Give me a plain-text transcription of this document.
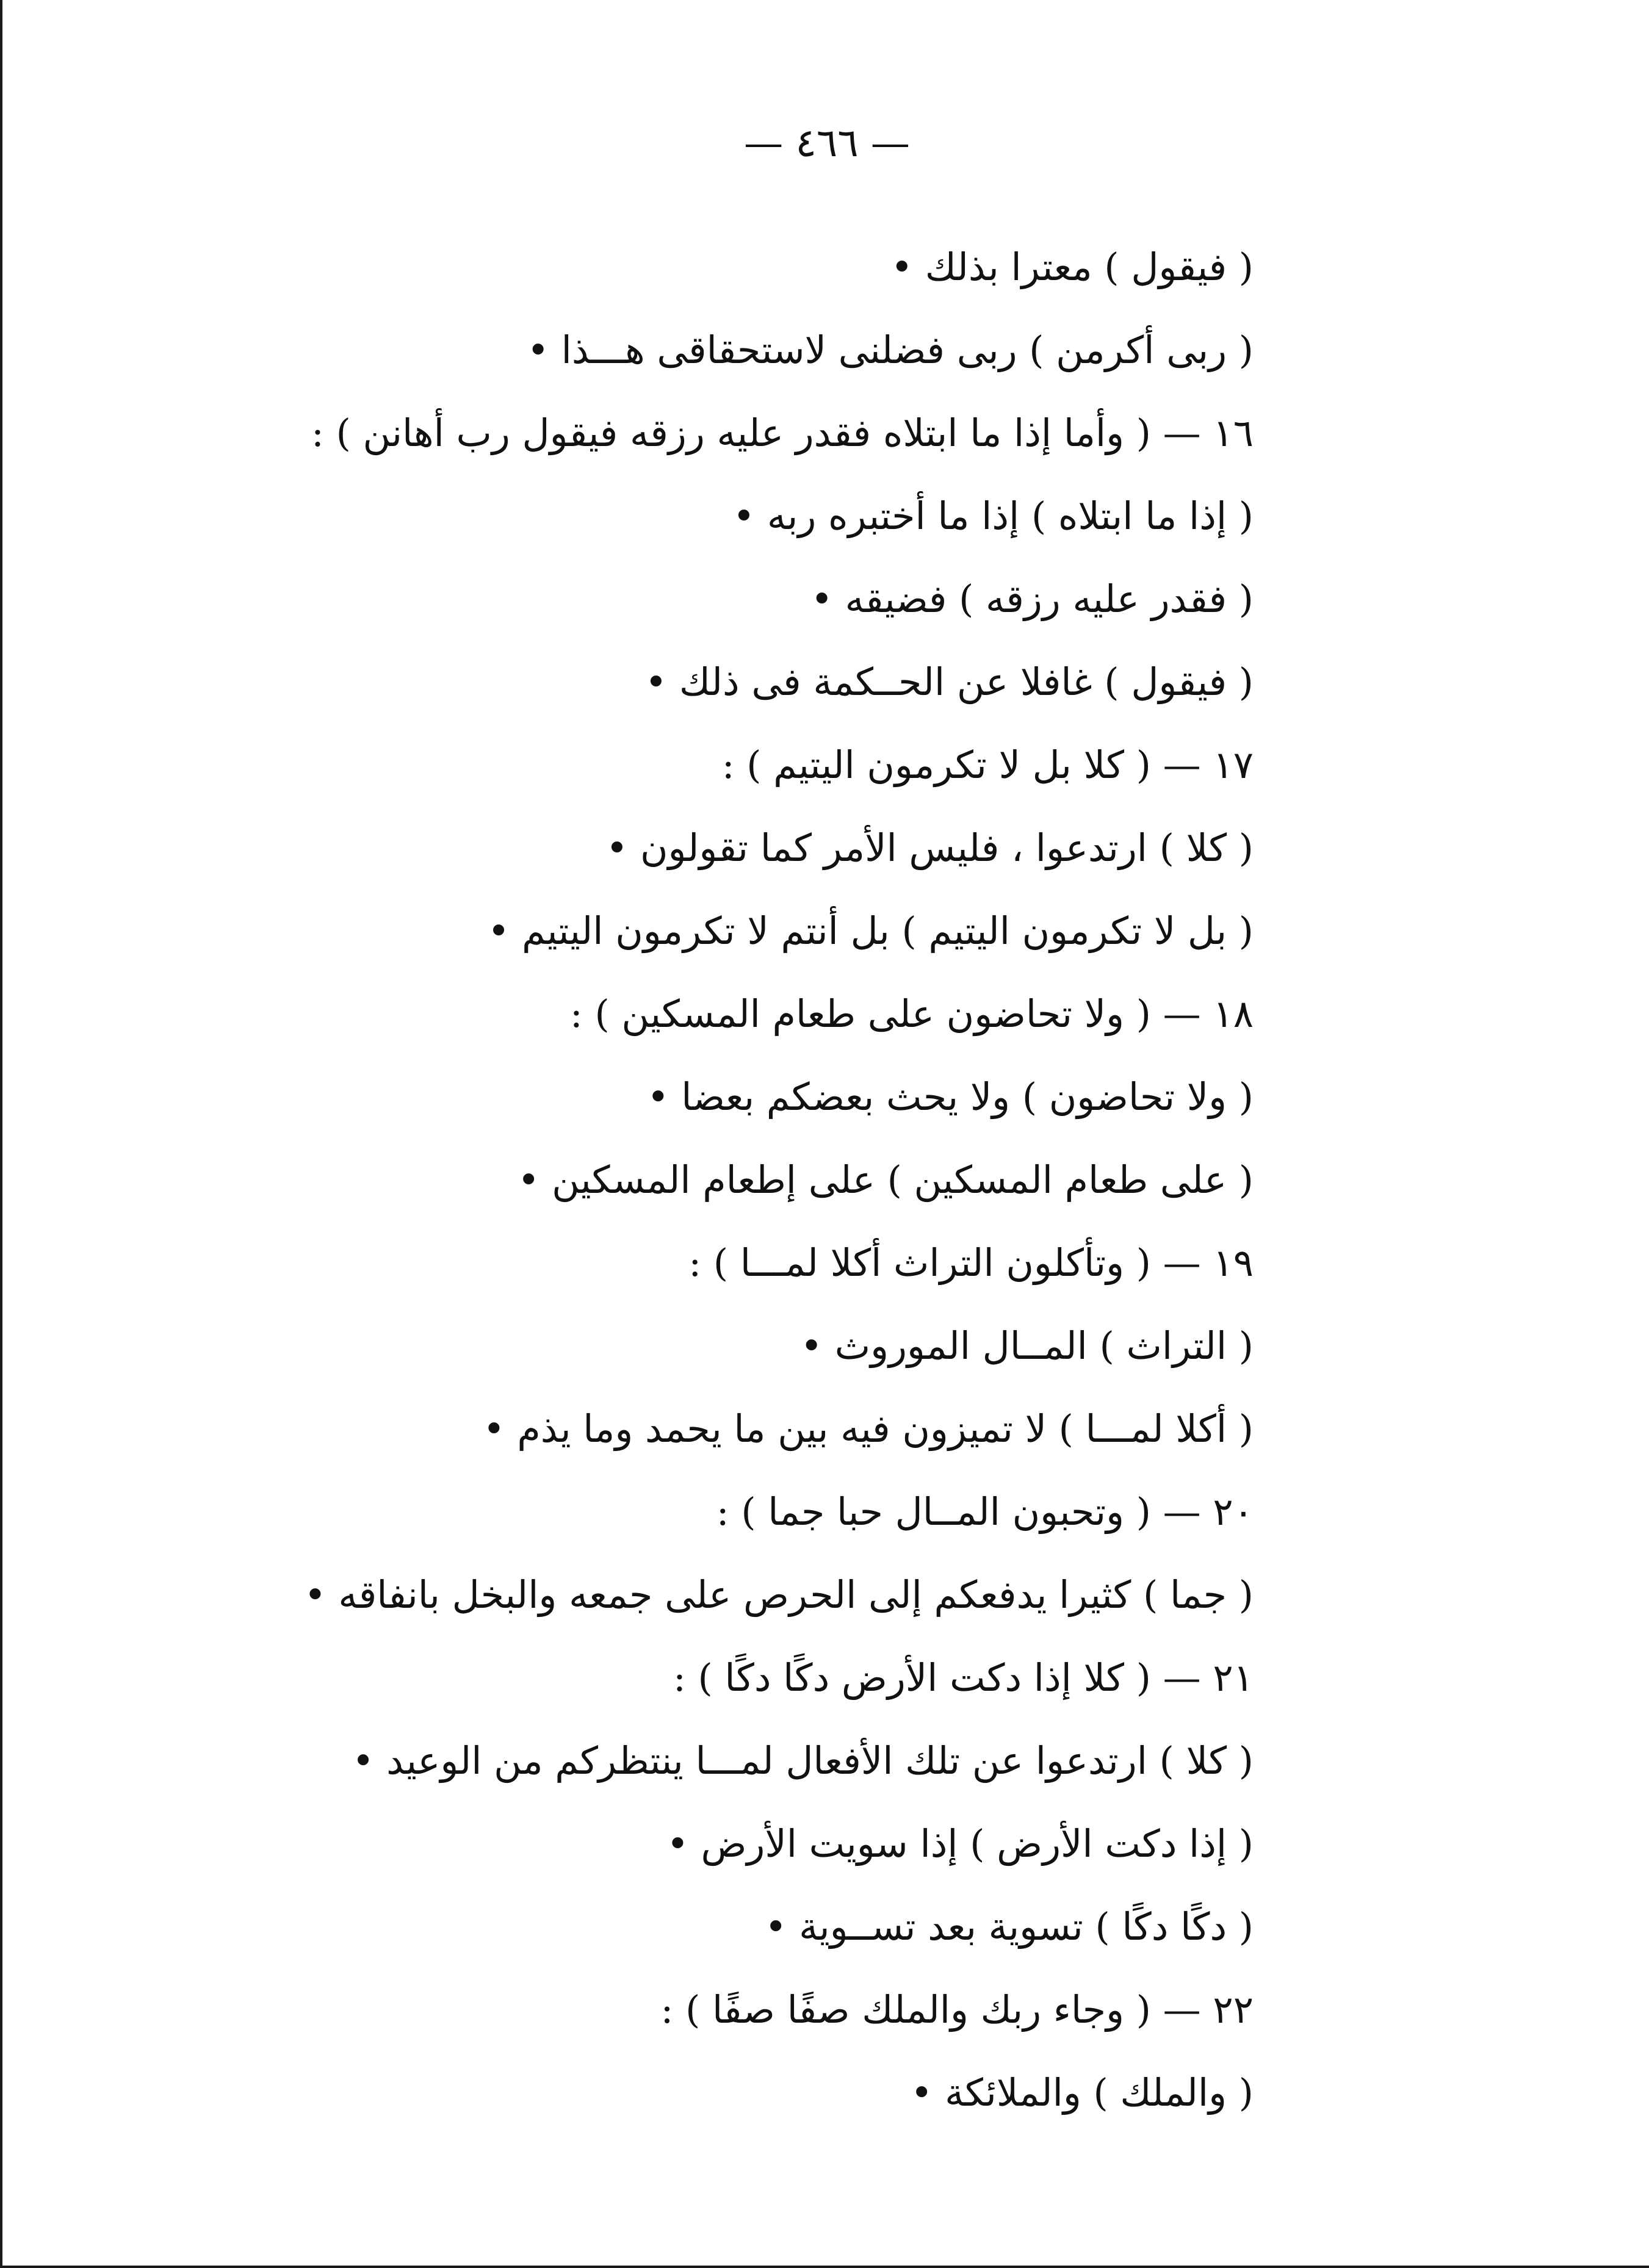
— ٤٦٦ —
( فيقول ) معترا بذلك •
( ربى أكرمن ) ربى فضلنى لاستحقاقى هـــذا •
١٦ — ( وأما إذا ما ابتلاه فقدر عليه رزقه فيقول رب أهانن ) :
( إذا ما ابتلاه ) إذا ما أختبره ربه •
( فقدر عليه رزقه ) فضيقه •
( فيقول ) غافلا عن الحــكمة فى ذلك •
١٧ — ( كلا بل لا تكرمون اليتيم ) :
( كلا ) ارتدعوا ، فليس الأمر كما تقولون •
( بل لا تكرمون اليتيم ) بل أنتم لا تكرمون اليتيم •
١٨ — ( ولا تحاضون على طعام المسكين ) :
( ولا تحاضون ) ولا يحث بعضكم بعضا •
( على طعام المسكين ) على إطعام المسكين •
١٩ — ( وتأكلون التراث أكلا لمـــا ) :
( التراث ) المــال الموروث •
( أكلا لمـــا ) لا تميزون فيه بين ما يحمد وما يذم •
٢٠ — ( وتحبون المــال حبا جما ) :
( جما ) كثيرا يدفعكم إلى الحرص على جمعه والبخل بانفاقه •
٢١ — ( كلا إذا دكت الأرض دكًا دكًا ) :
( كلا ) ارتدعوا عن تلك الأفعال لمـــا ينتظركم من الوعيد •
( إذا دكت الأرض ) إذا سويت الأرض •
( دكًا دكًا ) تسوية بعد تســوية •
٢٢ — ( وجاء ربك والملك صفًا صفًا ) :
( والملك ) والملائكة •
